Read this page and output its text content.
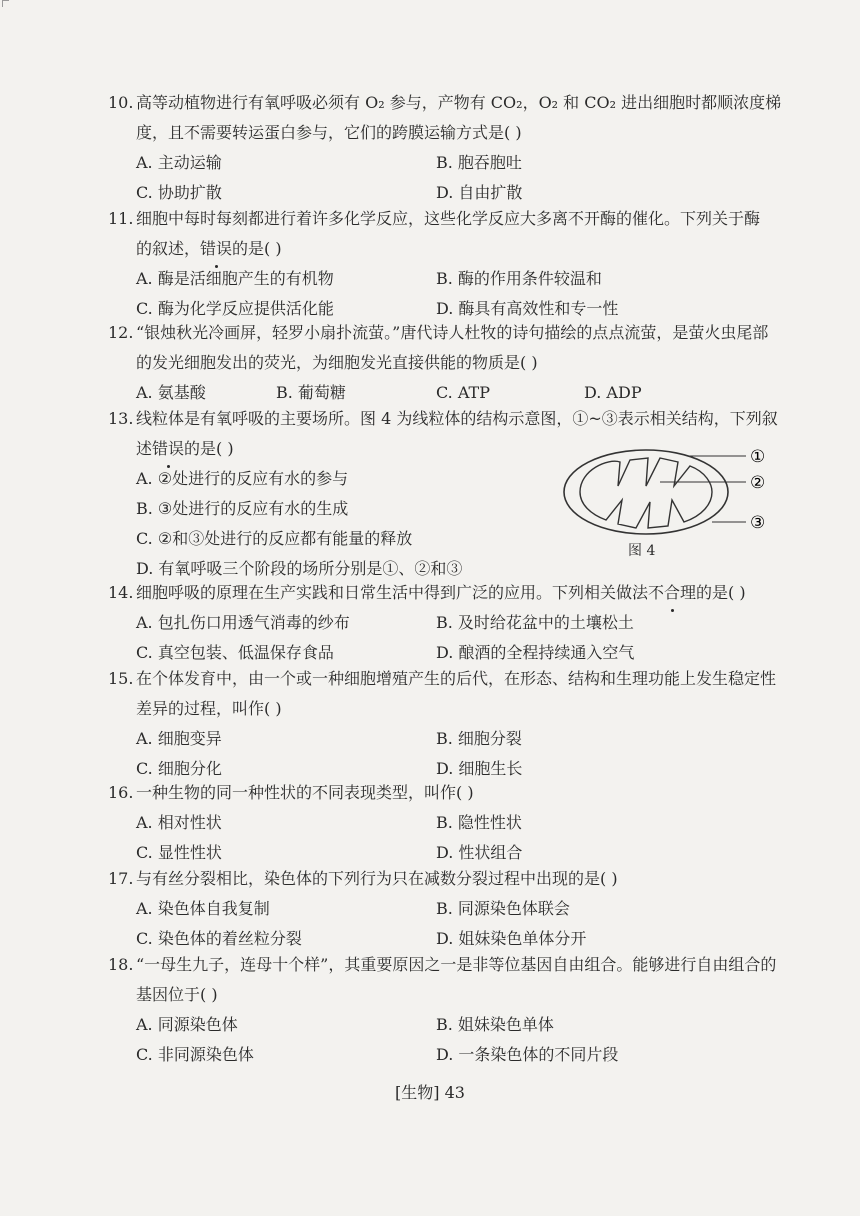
10. 高等动植物进行有氧呼吸必须有 O₂ 参与，产物有 CO₂，O₂ 和 CO₂ 进出细胞时都顺浓度梯
度，且不需要转运蛋白参与，它们的跨膜运输方式是( )
A. 主动运输	B. 胞吞胞吐
C. 协助扩散	D. 自由扩散
11. 细胞中每时每刻都进行着许多化学反应，这些化学反应大多离不开酶的催化。下列关于酶
的叙述，错误的是( )
A. 酶是活细胞产生的有机物	B. 酶的作用条件较温和
C. 酶为化学反应提供活化能	D. 酶具有高效性和专一性
12. “银烛秋光冷画屏，轻罗小扇扑流萤。”唐代诗人杜牧的诗句描绘的点点流萤，是萤火虫尾部
的发光细胞发出的荧光，为细胞发光直接供能的物质是( )
A. 氨基酸	B. 葡萄糖	C. ATP	D. ADP
13. 线粒体是有氧呼吸的主要场所。图 4 为线粒体的结构示意图，①~③表示相关结构，下列叙
述错误的是( )
A. ②处进行的反应有水的参与
B. ③处进行的反应有水的生成
C. ②和③处进行的反应都有能量的释放
D. 有氧呼吸三个阶段的场所分别是①、②和③
①
②
③
图 4
14. 细胞呼吸的原理在生产实践和日常生活中得到广泛的应用。下列相关做法不合理的是( )
A. 包扎伤口用透气消毒的纱布	B. 及时给花盆中的土壤松土
C. 真空包装、低温保存食品	D. 酿酒的全程持续通入空气
15. 在个体发育中，由一个或一种细胞增殖产生的后代，在形态、结构和生理功能上发生稳定性
差异的过程，叫作( )
A. 细胞变异	B. 细胞分裂
C. 细胞分化	D. 细胞生长
16. 一种生物的同一种性状的不同表现类型，叫作( )
A. 相对性状	B. 隐性性状
C. 显性性状	D. 性状组合
17. 与有丝分裂相比，染色体的下列行为只在减数分裂过程中出现的是( )
A. 染色体自我复制	B. 同源染色体联会
C. 染色体的着丝粒分裂	D. 姐妹染色单体分开
18. “一母生九子，连母十个样”，其重要原因之一是非等位基因自由组合。能够进行自由组合的
基因位于( )
A. 同源染色体	B. 姐妹染色单体
C. 非同源染色体	D. 一条染色体的不同片段
[生物] 43
